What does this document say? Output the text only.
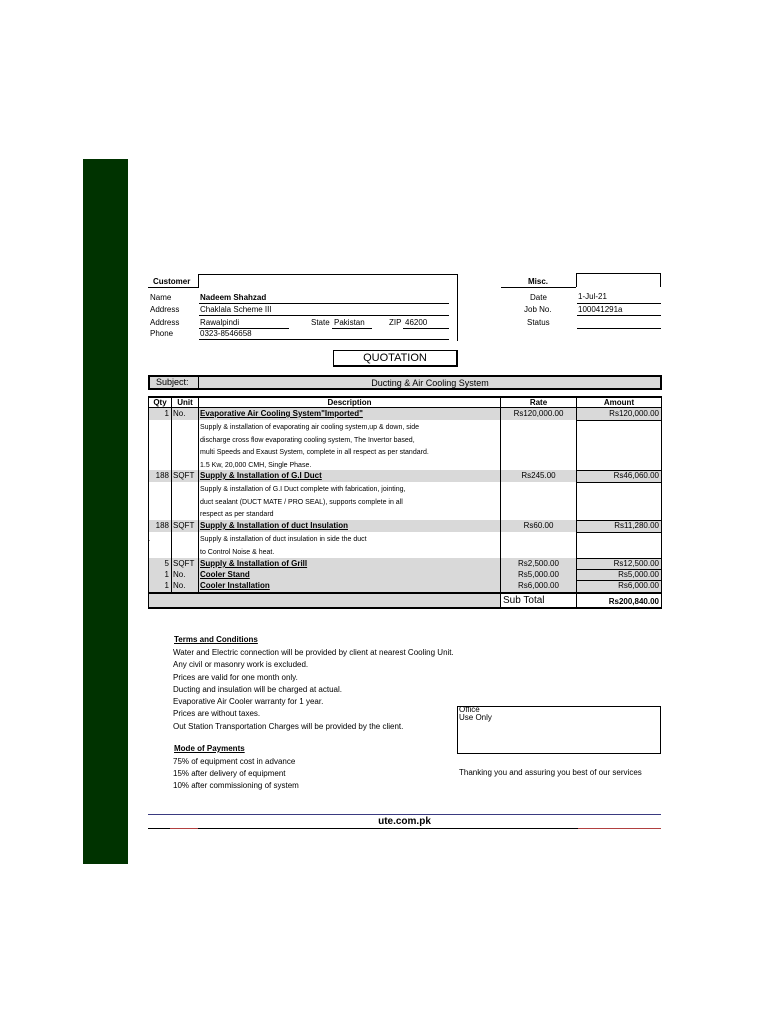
Customer
Name	Nadeem Shahzad
Address	Chaklala Scheme III
Address	Rawalpindi	State Pakistan	ZIP 46200
Phone	0323-8546658
Misc.
Date	1-Jul-21
Job No.	100041291a
Status
QUOTATION
Subject:	Ducting & Air Cooling System
Qty	Unit	Description	Rate	Amount
1 No. Evaporative Air Cooling System"Imported"	Rs120,000.00	Rs120,000.00
Supply & installation of evaporating air cooling system,up & down, side
discharge cross flow evaporating cooling system, The Invertor based,
multi Speeds and Exaust System, complete in all respect as per standard.
1.5 Kw, 20,000 CMH, Single Phase.
188 SQFT Supply & Installation of G.I Duct	Rs245.00	Rs46,060.00
Supply & installation of G.I Duct complete with fabrication, jointing,
duct sealant (DUCT MATE / PRO SEAL), supports complete in all
respect as per standard
188 SQFT Supply & Installation of duct Insulation	Rs60.00	Rs11,280.00
.	Supply & installation of duct insulation in side the duct
to Control Noise & heat.
5 SQFT Supply & Installation of Grill	Rs2,500.00	Rs12,500.00
1 No. Cooler Stand	Rs5,000.00	Rs5,000.00
1 No. Cooler Installation	Rs6,000.00	Rs6,000.00
Sub Total	Rs200,840.00
Terms and Conditions
Water and Electric connection will be provided by client at nearest Cooling Unit.
Any civil or masonry work is excluded.
Prices are valid for one month only.
Ducting and insulation will be charged at actual.
Evaporative Air Cooler warranty for 1 year.
Prices are without taxes.
Out Station Transportation Charges will be provided by the client.
Office
Use Only
Mode of Payments
75% of equipment cost in advance
15% after delivery of equipment
10% after commissioning of system
Thanking you and assuring you best of our services
ute.com.pk
